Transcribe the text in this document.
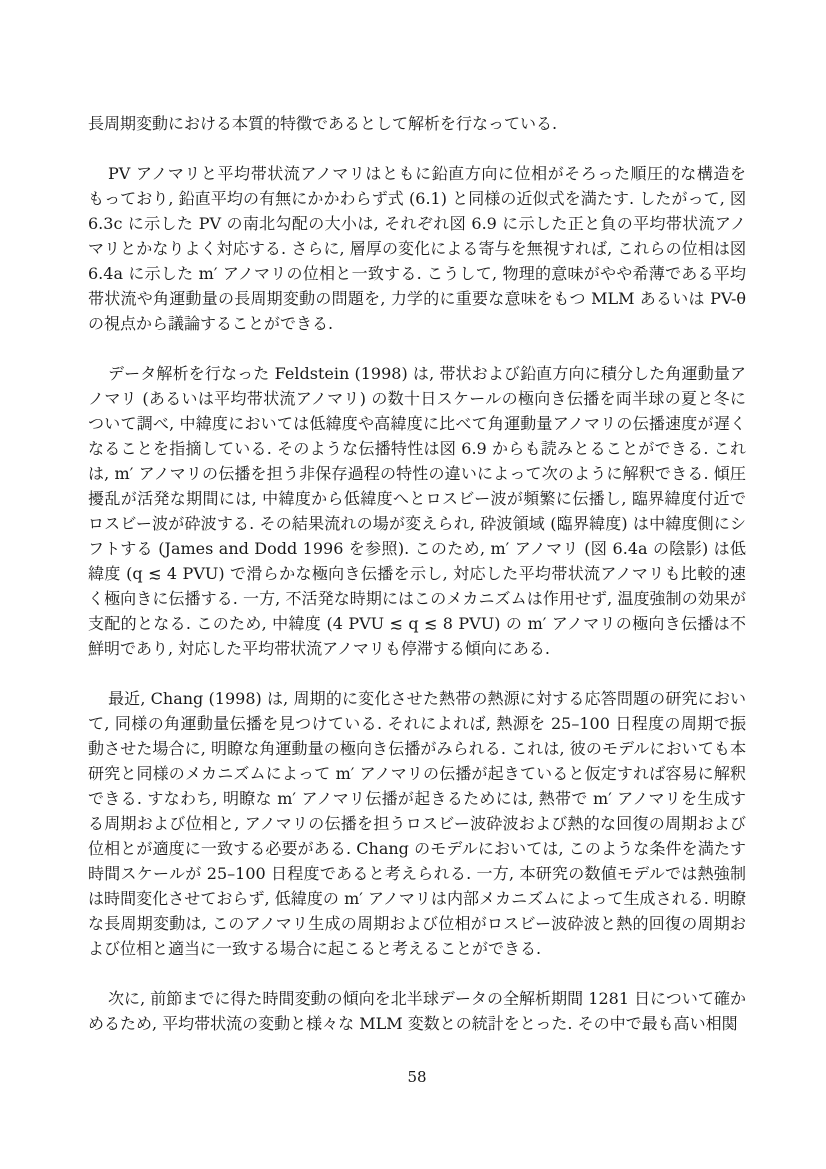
長周期変動における本質的特徴であるとして解析を行なっている.

PV アノマリと平均帯状流アノマリはともに鉛直方向に位相がそろった順圧的な構造をもっており, 鉛直平均の有無にかかわらず式 (6.1) と同様の近似式を満たす. したがって, 図 6.3c に示した PV の南北勾配の大小は, それぞれ図 6.9 に示した正と負の平均帯状流アノマリとかなりよく対応する. さらに, 層厚の変化による寄与を無視すれば, これらの位相は図 6.4a に示した m′ アノマリの位相と一致する. こうして, 物理的意味がやや希薄である平均帯状流や角運動量の長周期変動の問題を, 力学的に重要な意味をもつ MLM あるいは PV-θ の視点から議論することができる.

データ解析を行なった Feldstein (1998) は, 帯状および鉛直方向に積分した角運動量アノマリ (あるいは平均帯状流アノマリ) の数十日スケールの極向き伝播を両半球の夏と冬について調べ, 中緯度においては低緯度や高緯度に比べて角運動量アノマリの伝播速度が遅くなることを指摘している. そのような伝播特性は図 6.9 からも読みとることができる. これは, m′ アノマリの伝播を担う非保存過程の特性の違いによって次のように解釈できる. 傾圧擾乱が活発な期間には, 中緯度から低緯度へとロスビー波が頻繁に伝播し, 臨界緯度付近でロスビー波が砕波する. その結果流れの場が変えられ, 砕波領域 (臨界緯度) は中緯度側にシフトする (James and Dodd 1996 を参照). このため, m′ アノマリ (図 6.4a の陰影) は低緯度 (q ≲ 4 PVU) で滑らかな極向き伝播を示し, 対応した平均帯状流アノマリも比較的速く極向きに伝播する. 一方, 不活発な時期にはこのメカニズムは作用せず, 温度強制の効果が支配的となる. このため, 中緯度 (4 PVU ≲ q ≲ 8 PVU) の m′ アノマリの極向き伝播は不鮮明であり, 対応した平均帯状流アノマリも停滞する傾向にある.

最近, Chang (1998) は, 周期的に変化させた熱帯の熱源に対する応答問題の研究において, 同様の角運動量伝播を見つけている. それによれば, 熱源を 25–100 日程度の周期で振動させた場合に, 明瞭な角運動量の極向き伝播がみられる. これは, 彼のモデルにおいても本研究と同様のメカニズムによって m′ アノマリの伝播が起きていると仮定すれば容易に解釈できる. すなわち, 明瞭な m′ アノマリ伝播が起きるためには, 熱帯で m′ アノマリを生成する周期および位相と, アノマリの伝播を担うロスビー波砕波および熱的な回復の周期および位相とが適度に一致する必要がある. Chang のモデルにおいては, このような条件を満たす時間スケールが 25–100 日程度であると考えられる. 一方, 本研究の数値モデルでは熱強制は時間変化させておらず, 低緯度の m′ アノマリは内部メカニズムによって生成される. 明瞭な長周期変動は, このアノマリ生成の周期および位相がロスビー波砕波と熱的回復の周期および位相と適当に一致する場合に起こると考えることができる.

次に, 前節までに得た時間変動の傾向を北半球データの全解析期間 1281 日について確かめるため, 平均帯状流の変動と様々な MLM 変数との統計をとった. その中で最も高い相関

58
